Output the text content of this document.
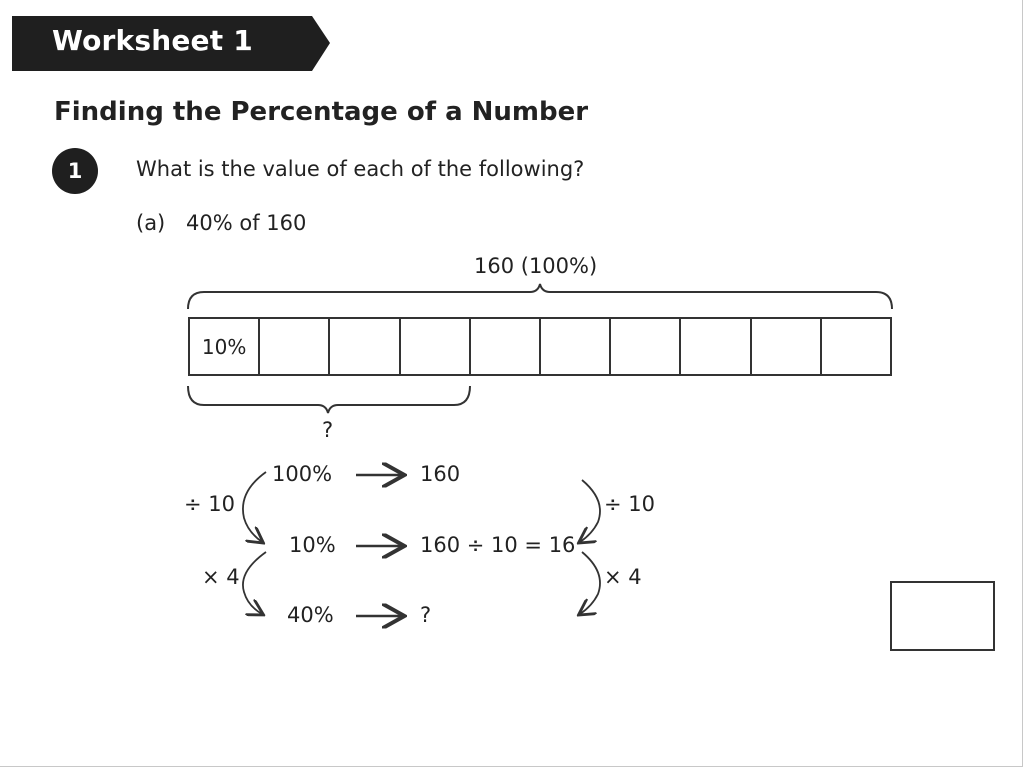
Worksheet 1
Finding the Percentage of a Number
1	What is the value of each of the following?
(a) 40% of 160
160 (100%)
10%
?
100%	160
10%	160 ÷ 10 = 16
40%	?
÷ 10
× 4
÷ 10
× 4
